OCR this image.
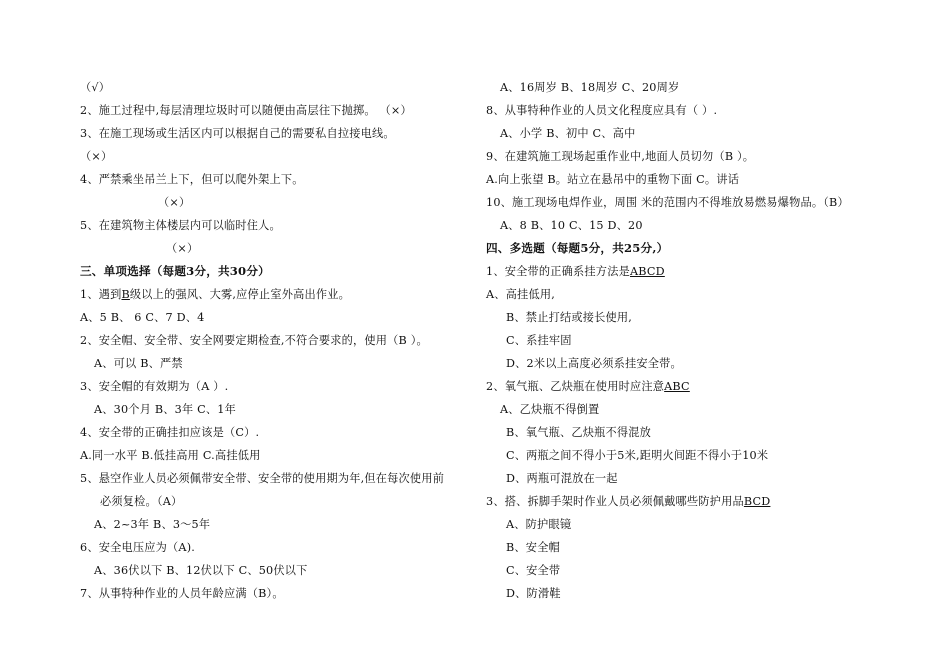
（√）
2、施工过程中,每层清理垃圾时可以随便由高层往下抛掷。 （×）
3、在施工现场或生活区内可以根据自己的需要私自拉接电线。
（×）
4、严禁乘坐吊兰上下，但可以爬外架上下。
（×）
5、在建筑物主体楼层内可以临时住人。
（×）
三、单项选择（每题3分，共30分）
1、遇到B级以上的强风、大雾,应停止室外高出作业。
A、5 B、 6 C、7 D、4
2、安全帽、安全带、安全网要定期检查,不符合要求的，使用（B ）。
A、可以 B、严禁
3、安全帽的有效期为（A ）.
A、30个月 B、3年 C、1年
4、安全带的正确挂扣应该是（C）.
A.同一水平 B.低挂高用 C.高挂低用
5、悬空作业人员必须佩带安全带、安全带的使用期为年,但在每次使用前
必须复检。（A）
A、2~3年 B、3～5年
6、安全电压应为（A).
A、36伏以下 B、12伏以下 C、50伏以下
7、从事特种作业的人员年龄应满（B）。
A、16周岁 B、18周岁 C、20周岁
8、从事特种作业的人员文化程度应具有（ ）.
A、小学 B、初中 C、高中
9、在建筑施工现场起重作业中,地面人员切勿（B ）。
A.向上张望 B。站立在悬吊中的重物下面 C。讲话
10、施工现场电焊作业，周围 米的范围内不得堆放易燃易爆物品。（B）
A、8 B、10 C、15 D、20
四、多选题（每题5分，共25分,）
1、安全带的正确系挂方法是ABCD
A、高挂低用,
B、禁止打结或接长使用,
C、系挂牢固
D、2米以上高度必须系挂安全带。
2、氧气瓶、乙炔瓶在使用时应注意ABC
A、乙炔瓶不得倒置
B、氧气瓶、乙炔瓶不得混放
C、两瓶之间不得小于5米,距明火间距不得小于10米
D、两瓶可混放在一起
3、搭、拆脚手架时作业人员必须佩戴哪些防护用品BCD
A、防护眼镜
B、安全帽
C、安全带
D、防滑鞋
